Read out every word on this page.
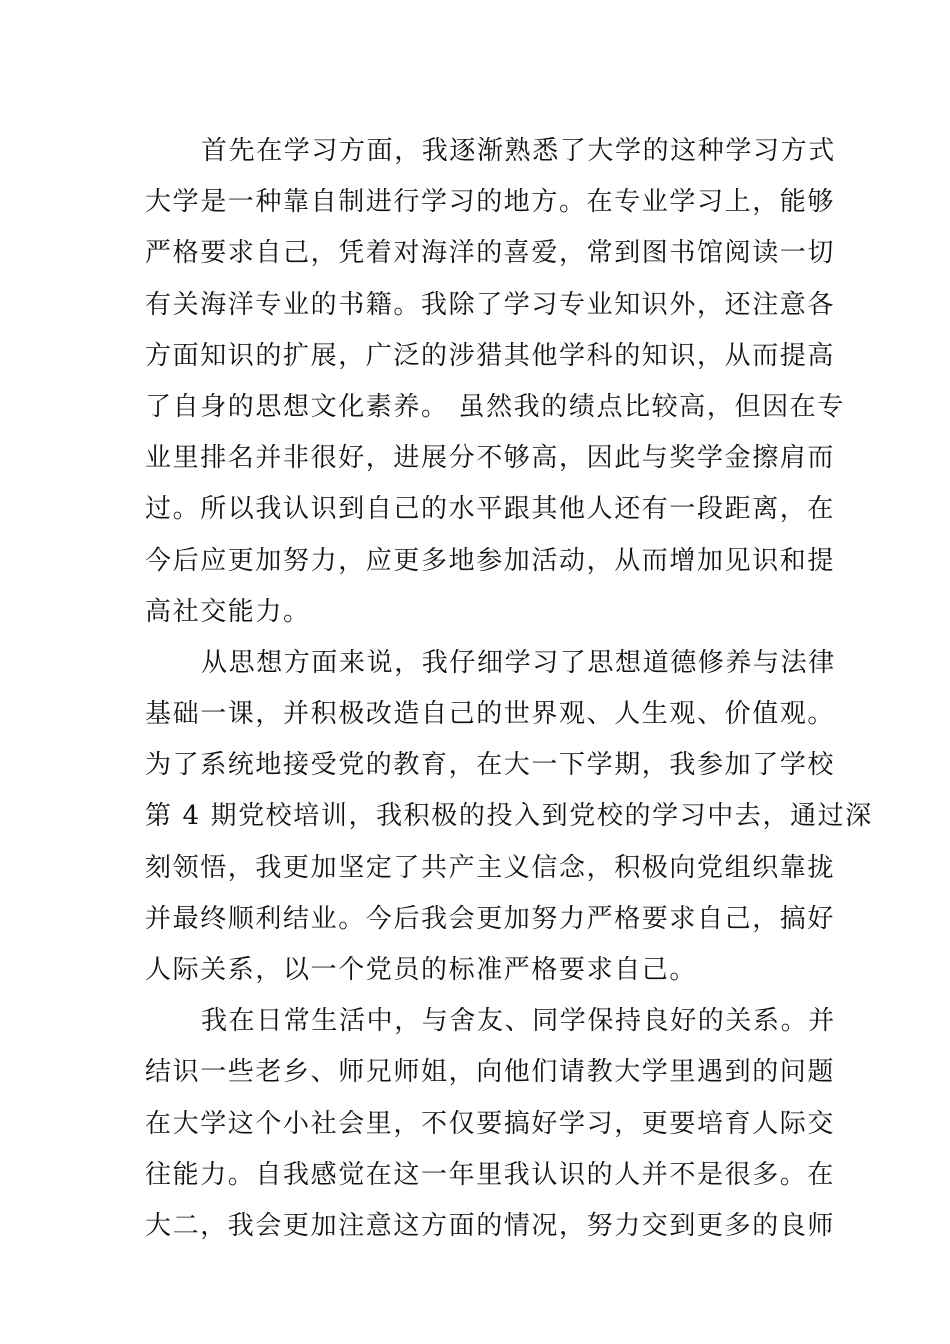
首先在学习方面，我逐渐熟悉了大学的这种学习方式
大学是一种靠自制进行学习的地方。在专业学习上，能够
严格要求自己，凭着对海洋的喜爱，常到图书馆阅读一切
有关海洋专业的书籍。我除了学习专业知识外，还注意各
方面知识的扩展，广泛的涉猎其他学科的知识，从而提高
了自身的思想文化素养。 虽然我的绩点比较高，但因在专
业里排名并非很好，进展分不够高，因此与奖学金擦肩而
过。所以我认识到自己的水平跟其他人还有一段距离，在
今后应更加努力，应更多地参加活动，从而增加见识和提
高社交能力。
从思想方面来说，我仔细学习了思想道德修养与法律
基础一课，并积极改造自己的世界观、人生观、价值观。
为了系统地接受党的教育，在大一下学期，我参加了学校
第 4 期党校培训，我积极的投入到党校的学习中去，通过深
刻领悟，我更加坚定了共产主义信念，积极向党组织靠拢
并最终顺利结业。今后我会更加努力严格要求自己，搞好
人际关系，以一个党员的标准严格要求自己。
我在日常生活中，与舍友、同学保持良好的关系。并
结识一些老乡、师兄师姐，向他们请教大学里遇到的问题
在大学这个小社会里，不仅要搞好学习，更要培育人际交
往能力。自我感觉在这一年里我认识的人并不是很多。在
大二，我会更加注意这方面的情况，努力交到更多的良师
